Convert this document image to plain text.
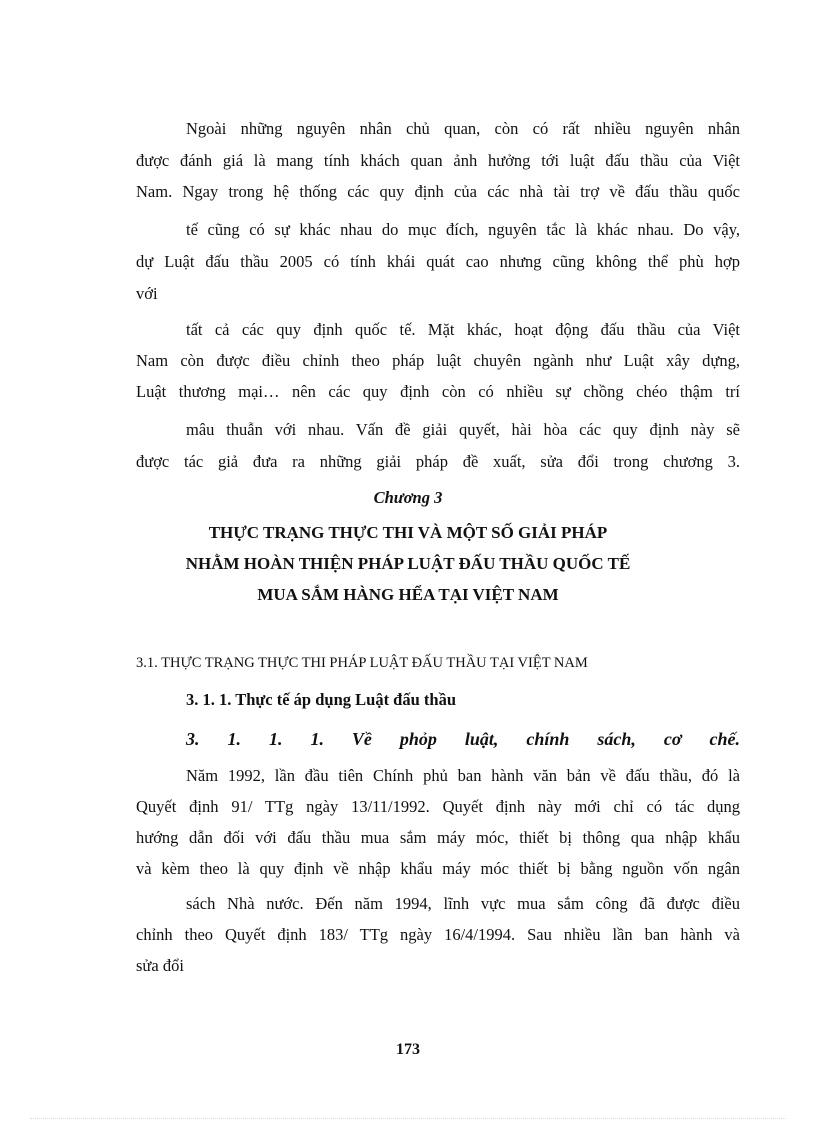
Ngoài những nguyên nhân chủ quan, còn có rất nhiều nguyên nhân
được đánh giá là mang tính khách quan ảnh hưởng tới luật đấu thầu của Việt
Nam. Ngay trong hệ thống các quy định của các nhà tài trợ về đấu thầu quốc
tế cũng có sự khác nhau do mục đích, nguyên tắc là khác nhau. Do vậy,
dự Luật đấu thầu 2005 có tính khái quát cao nhưng cũng không thể phù hợp
với
tất cả các quy định quốc tế. Mặt khác, hoạt động đấu thầu của Việt
Nam còn được điều chỉnh theo pháp luật chuyên ngành như Luật xây dựng,
Luật thương mại… nên các quy định còn có nhiều sự chồng chéo thậm trí
mâu thuẫn với nhau. Vấn đề giải quyết, hài hòa các quy định này sẽ
được tác giả đưa ra những giải pháp đề xuất, sửa đổi trong chương 3.
Chương 3
THỰC TRẠNG THỰC THI VÀ MỘT SỐ GIẢI PHÁP
NHẰM HOÀN THIỆN PHÁP LUẬT ĐẤU THẦU QUỐC TẾ
MUA SẮM HÀNG HỂA TẠI VIỆT NAM
3.1. THỰC TRẠNG THỰC THI PHÁP LUẬT ĐẤU THẦU TẠI VIỆT NAM
3. 1. 1. Thực tế áp dụng Luật đấu thầu
3. 1. 1. 1. Về phỏp luật, chính sách, cơ chế.
Năm 1992, lần đầu tiên Chính phủ ban hành văn bản về đấu thầu, đó là
Quyết định 91/ TTg ngày 13/11/1992. Quyết định này mới chỉ có tác dụng
hướng dẫn đối với đấu thầu mua sắm máy móc, thiết bị thông qua nhập khẩu
và kèm theo là quy định về nhập khẩu máy móc thiết bị bằng nguồn vốn ngân
sách Nhà nước. Đến năm 1994, lĩnh vực mua sắm công đã được điều
chỉnh theo Quyết định 183/ TTg ngày 16/4/1994. Sau nhiều lần ban hành và
sửa đổi
173
